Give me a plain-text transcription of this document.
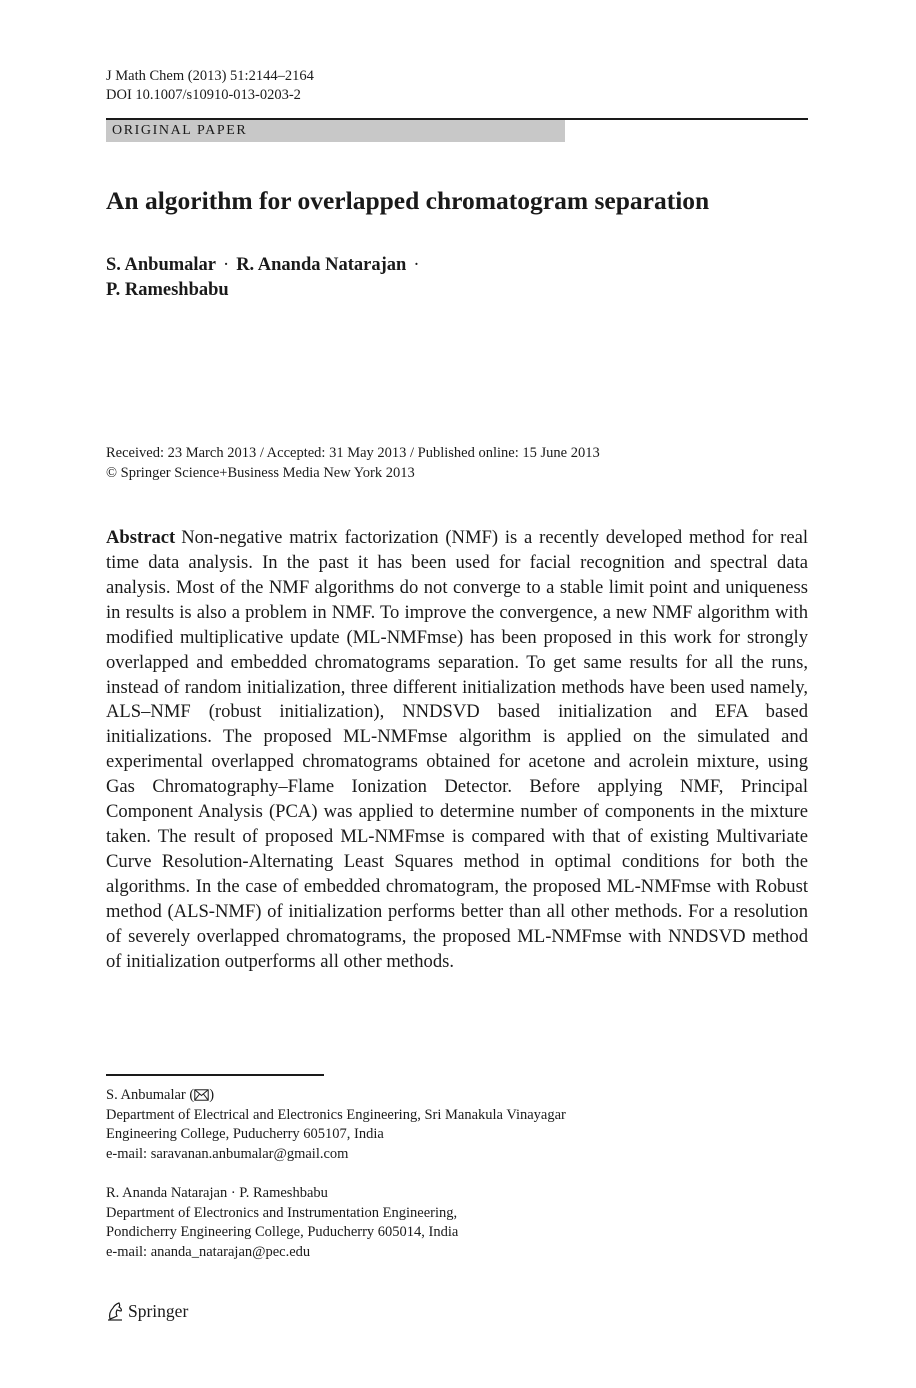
J Math Chem (2013) 51:2144–2164
DOI 10.1007/s10910-013-0203-2
ORIGINAL PAPER
An algorithm for overlapped chromatogram separation
S. Anbumalar · R. Ananda Natarajan ·
P. Rameshbabu
Received: 23 March 2013 / Accepted: 31 May 2013 / Published online: 15 June 2013
© Springer Science+Business Media New York 2013
Abstract Non-negative matrix factorization (NMF) is a recently developed method for real time data analysis. In the past it has been used for facial recognition and spectral data analysis. Most of the NMF algorithms do not converge to a stable limit point and uniqueness in results is also a problem in NMF. To improve the convergence, a new NMF algorithm with modified multiplicative update (ML-NMFmse) has been proposed in this work for strongly overlapped and embedded chromatograms separation. To get same results for all the runs, instead of random initialization, three different initialization methods have been used namely, ALS–NMF (robust initialization), NNDSVD based initialization and EFA based initializations. The proposed ML-NMFmse algorithm is applied on the simulated and experimental overlapped chromatograms obtained for acetone and acrolein mixture, using Gas Chromatography–Flame Ionization Detector. Before applying NMF, Principal Component Analysis (PCA) was applied to determine number of components in the mixture taken. The result of proposed ML-NMFmse is compared with that of existing Multivariate Curve Resolution-Alternating Least Squares method in optimal conditions for both the algorithms. In the case of embedded chromatogram, the proposed ML-NMFmse with Robust method (ALS-NMF) of initialization performs better than all other methods. For a resolution of severely overlapped chromatograms, the proposed ML-NMFmse with NNDSVD method of initialization outperforms all other methods.
S. Anbumalar ( )
Department of Electrical and Electronics Engineering, Sri Manakula Vinayagar
Engineering College, Puducherry 605107, India
e-mail: saravanan.anbumalar@gmail.com
R. Ananda Natarajan · P. Rameshbabu
Department of Electronics and Instrumentation Engineering,
Pondicherry Engineering College, Puducherry 605014, India
e-mail: ananda_natarajan@pec.edu
Springer
